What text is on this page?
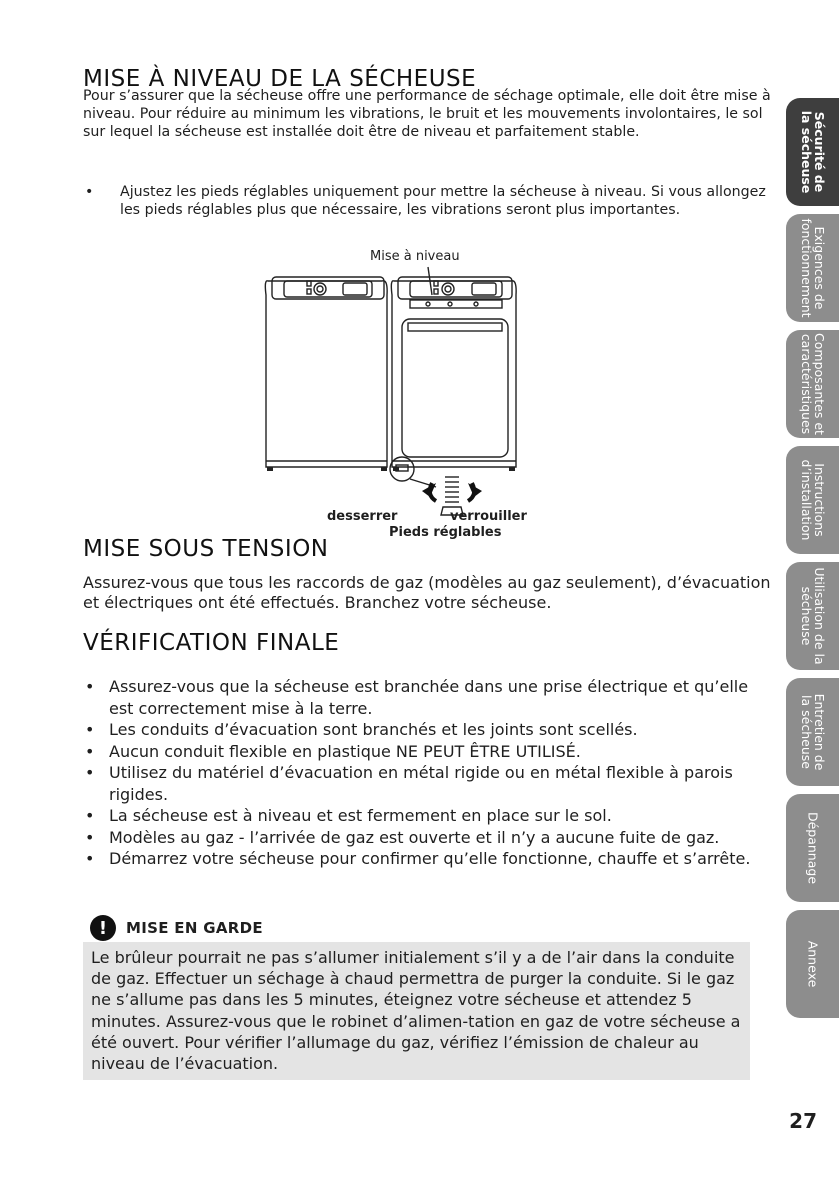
MISE À NIVEAU DE LA SÉCHEUSE

Pour s’assurer que la sécheuse offre une performance de séchage optimale, elle doit être mise à niveau. Pour réduire au minimum les vibrations, le bruit et les mouvements involontaires, le sol sur lequel la sécheuse est installée doit être de niveau et parfaitement stable.

• Ajustez les pieds réglables uniquement pour mettre la sécheuse à niveau. Si vous allongez les pieds réglables plus que nécessaire, les vibrations seront plus importantes.
Mise à niveau
desserrer	verrouiller
Pieds réglables
MISE SOUS TENSION

Assurez-vous que tous les raccords de gaz (modèles au gaz seulement), d’évacuation et électriques ont été effectués. Branchez votre sécheuse.

VÉRIFICATION FINALE
• Assurez-vous que la sécheuse est branchée dans une prise électrique et qu’elle est correctement mise à la terre.
• Les conduits d’évacuation sont branchés et les joints sont scellés.
• Aucun conduit flexible en plastique NE PEUT ÊTRE UTILISÉ.
• Utilisez du matériel d’évacuation en métal rigide ou en métal flexible à parois rigides.
• La sécheuse est à niveau et est fermement en place sur le sol.
• Modèles au gaz - l’arrivée de gaz est ouverte et il n’y a aucune fuite de gaz.
• Démarrez votre sécheuse pour confirmer qu’elle fonctionne, chauffe et s’arrête.
!	MISE EN GARDE
Le brûleur pourrait ne pas s’allumer initialement s’il y a de l’air dans la conduite de gaz. Effectuer un séchage à chaud permettra de purger la conduite. Si le gaz ne s’allume pas dans les 5 minutes, éteignez votre sécheuse et attendez 5 minutes. Assurez-vous que le robinet d’alimen-tation en gaz de votre sécheuse a été ouvert. Pour vérifier l’allumage du gaz, vérifiez l’émission de chaleur au niveau de l’évacuation.
Sécurité de
la sécheuse
Exigences de
fonctionnement
Composantes et
caractéristiques
Instructions
d’installation
Utilisation de la
sécheuse
Entretien de
la sécheuse
Dépannage
Annexe
27
